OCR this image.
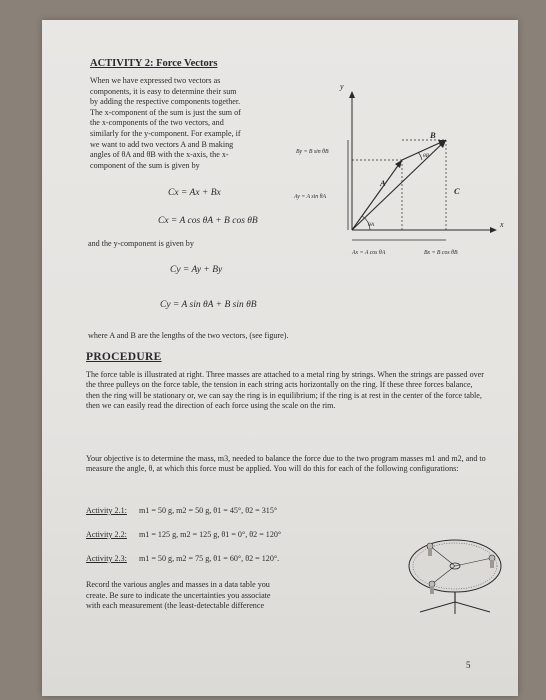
ACTIVITY 2: Force Vectors
When we have expressed two vectors as
components, it is easy to determine their sum
by adding the respective components together.
The x-component of the sum is just the sum of
the x-components of the two vectors, and
similarly for the y-component. For example, if
we want to add two vectors A and B making
angles of θA and θB with the x-axis, the x-
component of the sum is given by
Cx = Ax + Bx
Cx = A cos θA + B cos θB
and the y-component is given by
Cy = Ay + By
Cy = A sin θA + B sin θB
where A and B are the lengths of the two vectors, (see figure).
PROCEDURE
The force table is illustrated at right. Three masses are attached to a metal ring by strings. When the strings are passed over the three pulleys on the force table, the tension in each string acts horizontally on the ring. If these three forces balance, then the ring will be stationary or, we can say the ring is in equilibrium; if the ring is at rest in the center of the force table, then we can easily read the direction of each force using the scale on the rim.
Your objective is to determine the mass, m3, needed to balance the force due to the two program masses m1 and m2, and to measure the angle, θ, at which this force must be applied. You will do this for each of the following configurations:
Activity 2.1: m1 = 50 g, m2 = 50 g, θ1 = 45°, θ2 = 315°
Activity 2.2: m1 = 125 g, m2 = 125 g, θ1 = 0°, θ2 = 120°
Activity 2.3: m1 = 50 g, m2 = 75 g, θ1 = 60°, θ2 = 120°.
Record the various angles and masses in a data table you
create. Be sure to indicate the uncertainties you associate
with each measurement (the least-detectable difference
5
y
x
A
B
C
θA
θB
By = B sin θB
Ay = A sin θA
Ax = A cos θA	Bx = B cos θB
